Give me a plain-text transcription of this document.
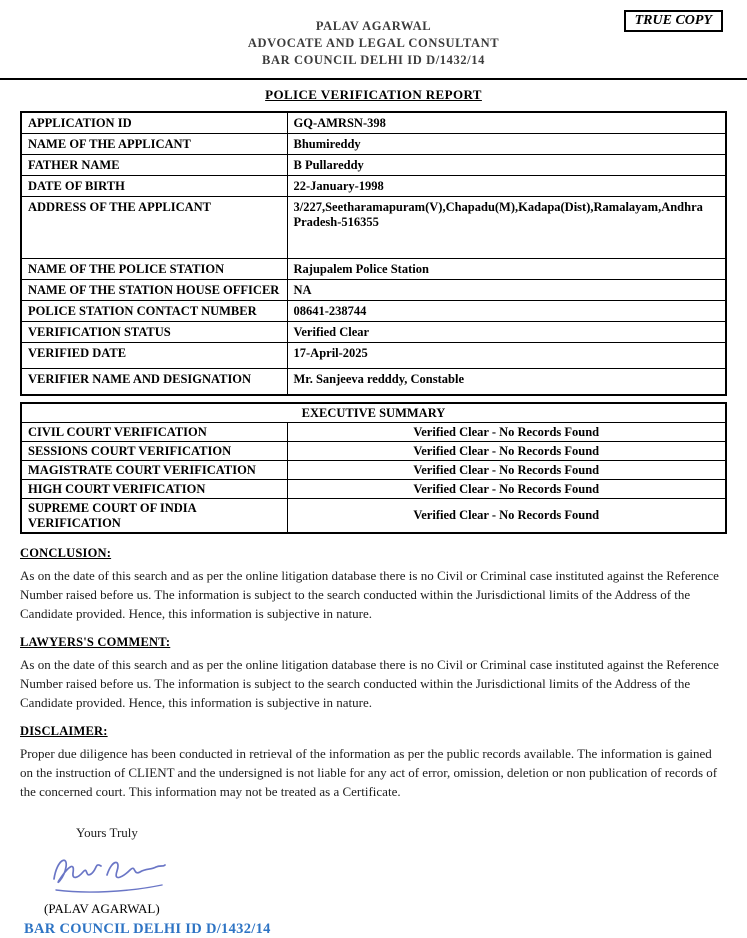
TRUE COPY
PALAV AGARWAL
ADVOCATE AND LEGAL CONSULTANT
BAR COUNCIL DELHI ID D/1432/14
POLICE VERIFICATION REPORT
APPLICATION ID	GQ-AMRSN-398
NAME OF THE APPLICANT	Bhumireddy
FATHER NAME	B Pullareddy
DATE OF BIRTH	22-January-1998
ADDRESS OF THE APPLICANT	3/227,Seetharamapuram(V),Chapadu(M),Kadapa(Dist),Ramalayam,Andhra Pradesh-516355
NAME OF THE POLICE STATION	Rajupalem Police Station
NAME OF THE STATION HOUSE OFFICER	NA
POLICE STATION CONTACT NUMBER	08641-238744
VERIFICATION STATUS	Verified Clear
VERIFIED DATE	17-April-2025
VERIFIER NAME AND DESIGNATION	Mr. Sanjeeva redddy, Constable
EXECUTIVE SUMMARY	
CIVIL COURT VERIFICATION	Verified Clear - No Records Found
SESSIONS COURT VERIFICATION	Verified Clear - No Records Found
MAGISTRATE COURT VERIFICATION	Verified Clear - No Records Found
HIGH COURT VERIFICATION	Verified Clear - No Records Found
SUPREME COURT OF INDIA VERIFICATION	Verified Clear - No Records Found
CONCLUSION:
As on the date of this search and as per the online litigation database there is no Civil or Criminal case instituted against the Reference Number raised before us. The information is subject to the search conducted within the Jurisdictional limits of the Address of the Candidate provided. Hence, this information is subjective in nature.
LAWYERS'S COMMENT:
As on the date of this search and as per the online litigation database there is no Civil or Criminal case instituted against the Reference Number raised before us. The information is subject to the search conducted within the Jurisdictional limits of the Address of the Candidate provided. Hence, this information is subjective in nature.
DISCLAIMER:
Proper due diligence has been conducted in retrieval of the information as per the public records available. The information is gained on the instruction of CLIENT and the undersigned is not liable for any act of error, omission, deletion or non publication of records of the concerned court. This information may not be treated as a Certificate.
Yours Truly
(PALAV AGARWAL)
BAR COUNCIL DELHI ID D/1432/14
